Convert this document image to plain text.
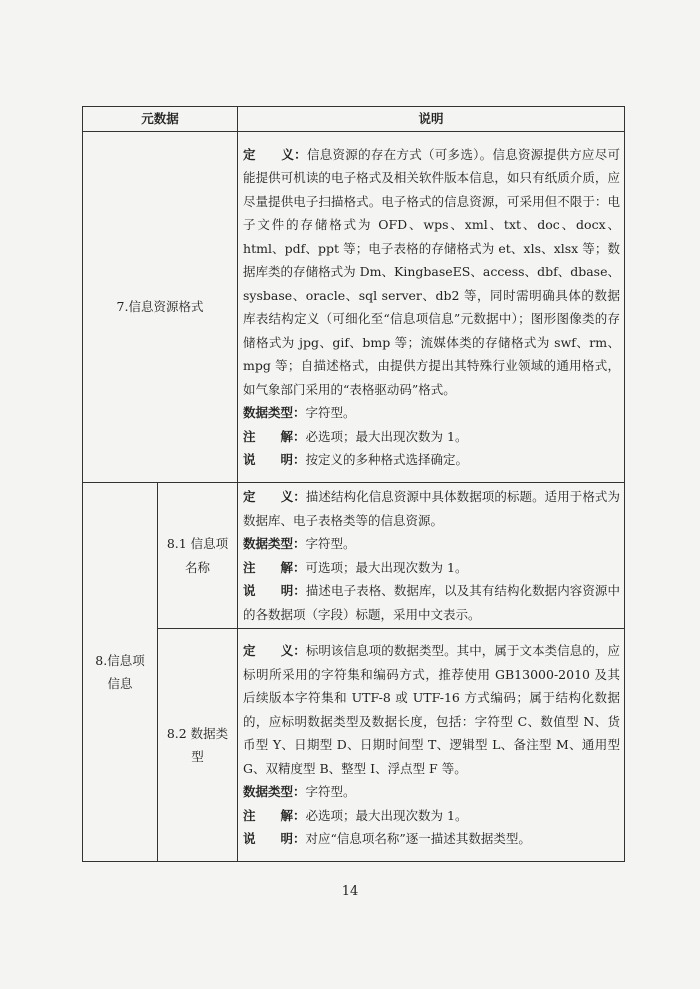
元数据		说明
7.信息资源格式		定　　义：信息资源的存在方式（可多选）。信息资源提供方应尽可能提供可机读的电子格式及相关软件版本信息，如只有纸质介质，应尽量提供电子扫描格式。电子格式的信息资源，可采用但不限于：电子文件的存储格式为 OFD、wps、xml、txt、doc、docx、html、pdf、ppt 等；电子表格的存储格式为 et、xls、xlsx 等；数据库类的存储格式为 Dm、KingbaseES、access、dbf、dbase、sysbase、oracle、sql server、db2 等，同时需明确具体的数据库表结构定义（可细化至“信息项信息”元数据中）；图形图像类的存储格式为 jpg、gif、bmp 等；流媒体类的存储格式为 swf、rm、mpg 等；自描述格式，由提供方提出其特殊行业领域的通用格式，如气象部门采用的“表格驱动码”格式。
数据类型：字符型。
注　　解：必选项；最大出现次数为 1。
说　　明：按定义的多种格式选择确定。

8.信息项信息	8.1 信息项名称	定　　义：描述结构化信息资源中具体数据项的标题。适用于格式为数据库、电子表格类等的信息资源。
数据类型：字符型。
注　　解：可选项；最大出现次数为 1。
说　　明：描述电子表格、数据库，以及其有结构化数据内容资源中的各数据项（字段）标题，采用中文表示。

	8.2 数据类型	定　　义：标明该信息项的数据类型。其中，属于文本类信息的，应标明所采用的字符集和编码方式，推荐使用 GB13000-2010 及其后续版本字符集和 UTF-8 或 UTF-16 方式编码；属于结构化数据的，应标明数据类型及数据长度，包括：字符型 C、数值型 N、货币型 Y、日期型 D、日期时间型 T、逻辑型 L、备注型 M、通用型 G、双精度型 B、整型 I、浮点型 F 等。
数据类型：字符型。
注　　解：必选项；最大出现次数为 1。
说　　明：对应“信息项名称”逐一描述其数据类型。
14
